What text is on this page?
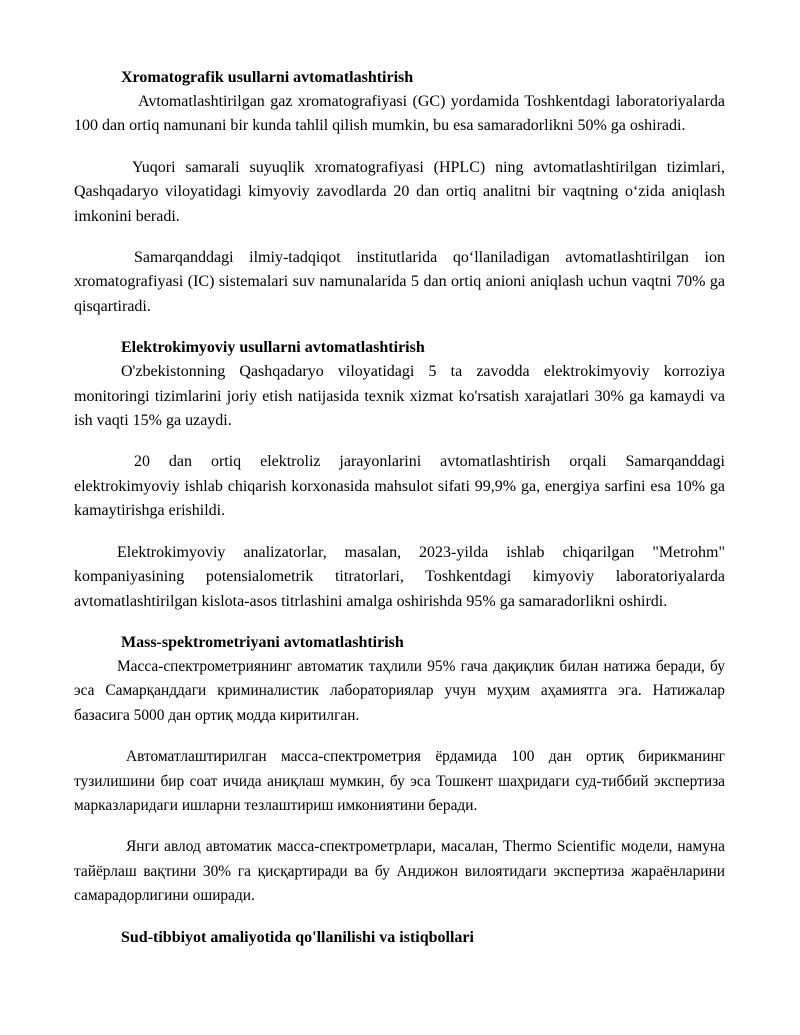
Xromatografik usullarni avtomatlashtirish

Avtomatlashtirilgan gaz xromatografiyasi (GC) yordamida Toshkentdagi laboratoriyalarda 100 dan ortiq namunani bir kunda tahlil qilish mumkin, bu esa samaradorlikni 50% ga oshiradi.

Yuqori samarali suyuqlik xromatografiyasi (HPLC) ning avtomatlashtirilgan tizimlari, Qashqadaryo viloyatidagi kimyoviy zavodlarda 20 dan ortiq analitni bir vaqtning o‘zida aniqlash imkonini beradi.

Samarqanddagi ilmiy-tadqiqot institutlarida qo‘llaniladigan avtomatlashtirilgan ion xromatografiyasi (IC) sistemalari suv namunalarida 5 dan ortiq anioni aniqlash uchun vaqtni 70% ga qisqartiradi.

Elektrokimyoviy usullarni avtomatlashtirish

O'zbekistonning Qashqadaryo viloyatidagi 5 ta zavodda elektrokimyoviy korroziya monitoringi tizimlarini joriy etish natijasida texnik xizmat ko'rsatish xarajatlari 30% ga kamaydi va ish vaqti 15% ga uzaydi.

20 dan ortiq elektroliz jarayonlarini avtomatlashtirish orqali Samarqanddagi elektrokimyoviy ishlab chiqarish korxonasida mahsulot sifati 99,9% ga, energiya sarfini esa 10% ga kamaytirishga erishildi.

Elektrokimyoviy analizatorlar, masalan, 2023-yilda ishlab chiqarilgan "Metrohm" kompaniyasining potensialometrik titratorlari, Toshkentdagi kimyoviy laboratoriyalarda avtomatlashtirilgan kislota-asos titrlashini amalga oshirishda 95% ga samaradorlikni oshirdi.

Mass-spektrometriyani avtomatlashtirish

Масса-спектрометриянинг автоматик таҳлили 95% гача дақиқлик билан натижа беради, бу эса Самарқанддаги криминалистик лабораториялар учун муҳим аҳамиятга эга. Натижалар базасига 5000 дан ортиқ модда киритилган.

Автоматлаштирилган масса-спектрометрия ёрдамида 100 дан ортиқ бирикманинг тузилишини бир соат ичида аниқлаш мумкин, бу эса Тошкент шаҳридаги суд-тиббий экспертиза марказларидаги ишларни тезлаштириш имкониятини беради.

Янги авлод автоматик масса-спектрометрлари, масалан, Thermo Scientific модели, намуна тайёрлаш вақтини 30% га қисқартиради ва бу Андижон вилоятидаги экспертиза жараёнларини самарадорлигини оширади.

Sud-tibbiyot amaliyotida qo'llanilishi va istiqbollari
